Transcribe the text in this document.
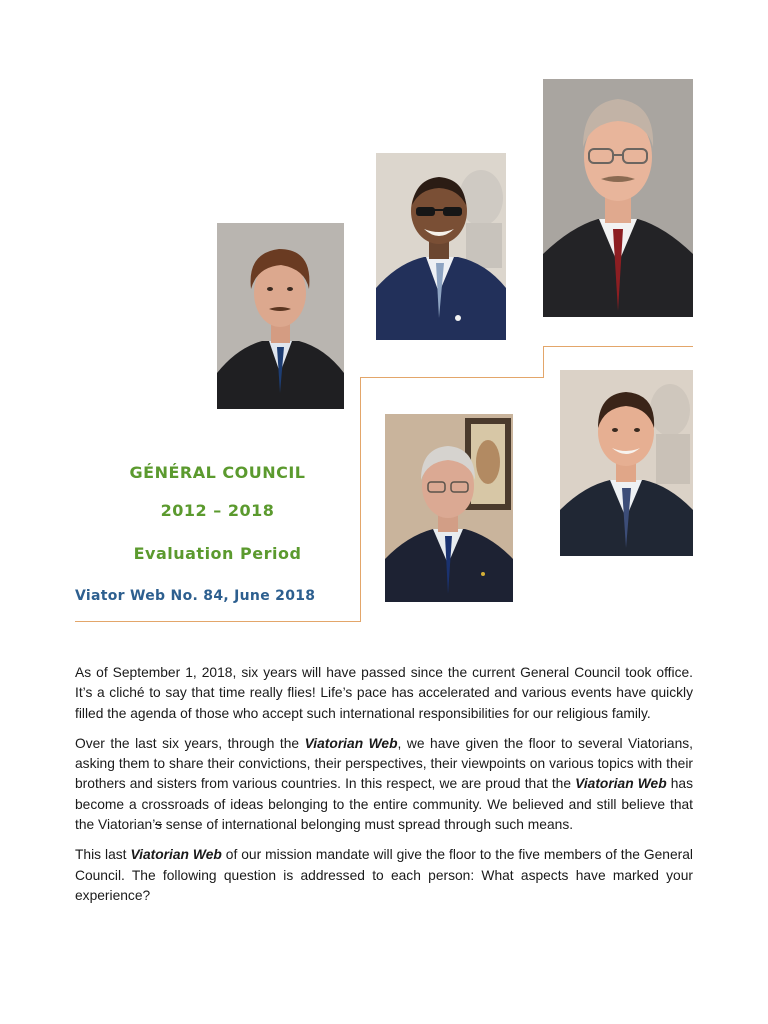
GÉNÉRAL COUNCIL
2012 – 2018
Evaluation Period
Viator Web No. 84, June 2018

As of September 1, 2018, six years will have passed since the current General Council took office. It’s a cliché to say that time really flies! Life’s pace has accelerated and various events have quickly filled the agenda of those who accept such international responsibilities for our religious family.

Over the last six years, through the Viatorian Web, we have given the floor to several Viatorians, asking them to share their convictions, their perspectives, their viewpoints on various topics with their brothers and sisters from various countries. In this respect, we are proud that the Viatorian Web has become a crossroads of ideas belonging to the entire community. We believed and still believe that the Viatorian’s sense of international belonging must spread through such means.

This last Viatorian Web of our mission mandate will give the floor to the five members of the General Council. The following question is addressed to each person: What aspects have marked your experience?
